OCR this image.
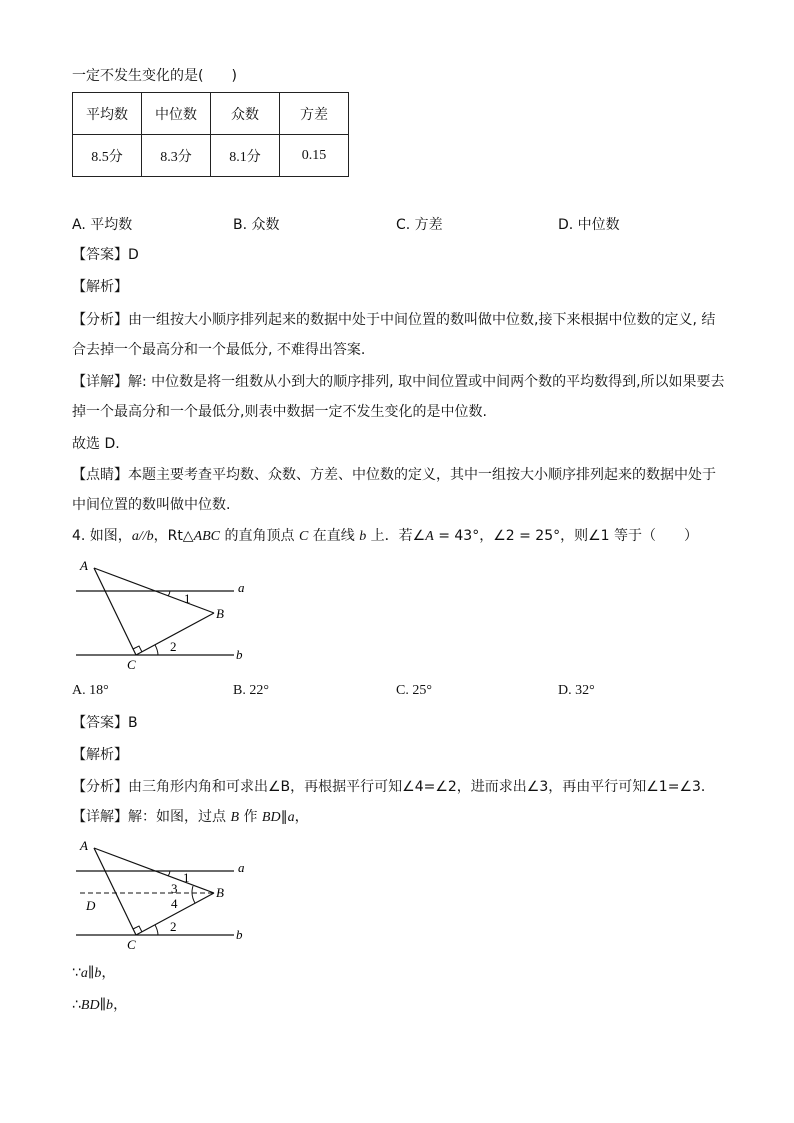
一定不发生变化的是(　　)
平均数	中位数	众数	方差
8.5分	8.3分	8.1分	0.15
A. 平均数	B. 众数	C. 方差	D. 中位数
【答案】D
【解析】
【分析】由一组按大小顺序排列起来的数据中处于中间位置的数叫做中位数,接下来根据中位数的定义, 结
合去掉一个最高分和一个最低分, 不难得出答案.
【详解】解: 中位数是将一组数从小到大的顺序排列, 取中间位置或中间两个数的平均数得到,所以如果要去
掉一个最高分和一个最低分,则表中数据一定不发生变化的是中位数.
故选 D.
【点睛】本题主要考查平均数、众数、方差、中位数的定义，其中一组按大小顺序排列起来的数据中处于
中间位置的数叫做中位数.
4. 如图，a//b，Rt△ABC 的直角顶点 C 在直线 b 上．若∠A = 43°，∠2 = 25°，则∠1 等于（　　）
A
B
C
a
b
1
2
A. 18°	B. 22°	C. 25°	D. 32°
【答案】B
【解析】
【分析】由三角形内角和可求出∠B，再根据平行可知∠4=∠2，进而求出∠3，再由平行可知∠1=∠3．
【详解】解：如图，过点 B 作 BD∥a，
A
B
C
D
a
b
1
3
4
2
∵a∥b，
∴BD∥b，
